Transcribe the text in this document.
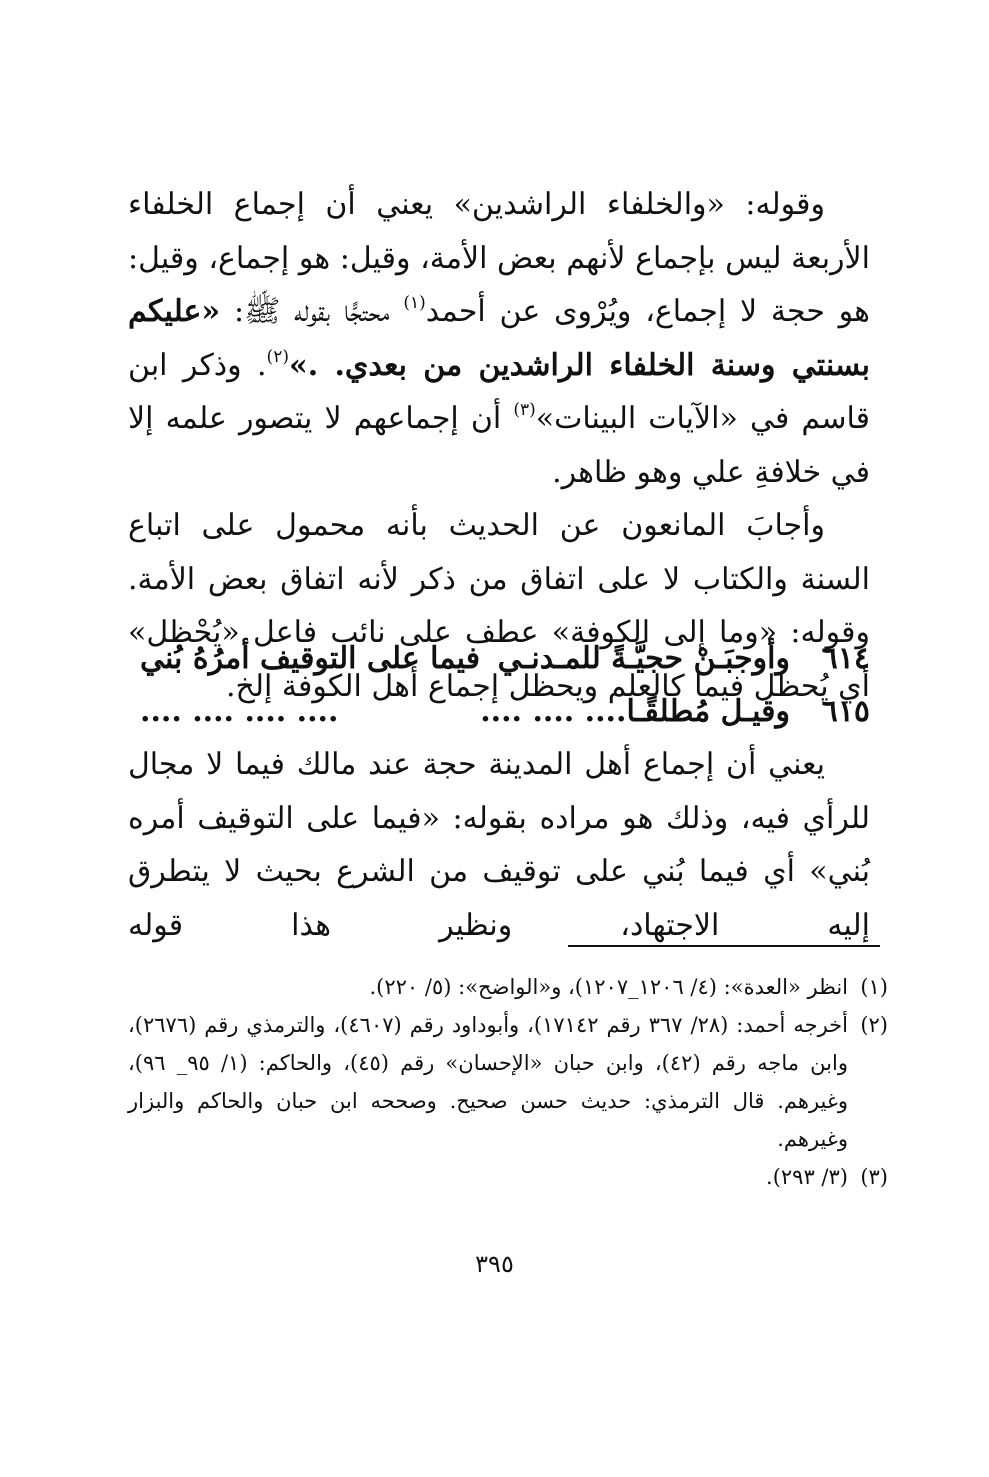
وقوله: «والخلفاء الراشدين» يعني أن إجماع الخلفاء الأربعة ليس بإجماع لأنهم بعض الأمة، وقيل: هو إجماع، وقيل: هو حجة لا إجماع، ويُرْوى عن أحمد$^{(١)}$ محتجًّا بقوله ﷺ: «عليكم بسنتي وسنة الخلفاء الراشدين من بعدي. .»$^{(٢)}$. وذكر ابن قاسم في «الآيات البينات»$^{(٣)}$ أن إجماعهم لا يتصور علمه إلا في خلافةِ علي وهو ظاهر.

وأجابَ المانعون عن الحديث بأنه محمول على اتباع السنة والكتاب لا على اتفاق من ذكر لأنه اتفاق بعض الأمة. وقوله: «وما إلى الكوفة» عطف على نائب فاعل «يُحْظل» أي يُحظل فيما كالعلم ويحظل إجماع أهل الكوفة إلخ.

٦١٤وأوجبَـنْ حجيَّـةً للمـدنـيفيما على التوقيف أمرُهُ بُني
٦١٥وقيـل مُطلقًـا.... .... ........ .... .... ....

يعني أن إجماع أهل المدينة حجة عند مالك فيما لا مجال للرأي فيه، وذلك هو مراده بقوله: «فيما على التوقيف أمره بُني» أي فيما بُني على توقيف من الشرع بحيث لا يتطرق إليه الاجتهاد، ونظير هذا قوله

(١)
انظر «العدة»: (٤/ ١٢٠٦_١٢٠٧)، و«الواضح»: (٥/ ٢٢٠).
(٢)
أخرجه أحمد: (٢٨/ ٣٦٧ رقم ١٧١٤٢)، وأبوداود رقم (٤٦٠٧)، والترمذي رقم (٢٦٧٦)، وابن ماجه رقم (٤٢)، وابن حبان «الإحسان» رقم (٤٥)، والحاكم: (١/ ٩٥_ ٩٦)، وغيرهم. قال الترمذي: حديث حسن صحيح. وصححه ابن حبان والحاكم والبزار وغيرهم.
(٣)
(٣/ ٢٩٣).
٣٩٥
